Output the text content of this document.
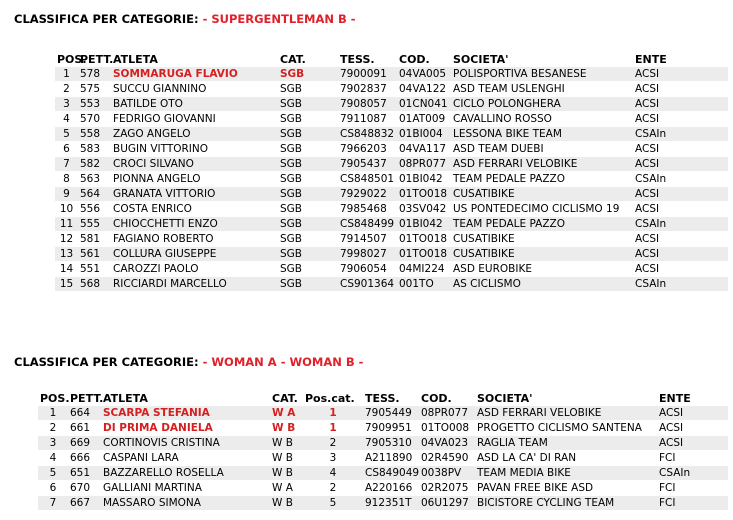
CLASSIFICA PER CATEGORIE: - SUPERGENTLEMAN B -
POS.	PETT.	ATLETA	CAT.	TESS.	COD.	SOCIETA'	ENTE
1	578	SOMMARUGA FLAVIO	SGB	7900091	04VA005	POLISPORTIVA BESANESE	ACSI
2	575	SUCCU GIANNINO	SGB	7902837	04VA122	ASD TEAM USLENGHI	ACSI
3	553	BATILDE OTO	SGB	7908057	01CN041	CICLO POLONGHERA	ACSI
4	570	FEDRIGO GIOVANNI	SGB	7911087	01AT009	CAVALLINO ROSSO	ACSI
5	558	ZAGO ANGELO	SGB	CS848832	01BI004	LESSONA BIKE TEAM	CSAIn
6	583	BUGIN VITTORINO	SGB	7966203	04VA117	ASD TEAM DUEBI	ACSI
7	582	CROCI SILVANO	SGB	7905437	08PR077	ASD FERRARI VELOBIKE	ACSI
8	563	PIONNA ANGELO	SGB	CS848501	01BI042	TEAM PEDALE PAZZO	CSAIn
9	564	GRANATA VITTORIO	SGB	7929022	01TO018	CUSATIBIKE	ACSI
10	556	COSTA ENRICO	SGB	7985468	03SV042	US PONTEDECIMO CICLISMO 19	ACSI
11	555	CHIOCCHETTI ENZO	SGB	CS848499	01BI042	TEAM PEDALE PAZZO	CSAIn
12	581	FAGIANO ROBERTO	SGB	7914507	01TO018	CUSATIBIKE	ACSI
13	561	COLLURA GIUSEPPE	SGB	7998027	01TO018	CUSATIBIKE	ACSI
14	551	CAROZZI PAOLO	SGB	7906054	04MI224	ASD EUROBIKE	ACSI
15	568	RICCIARDI MARCELLO	SGB	CS901364	001TO	AS CICLISMO	CSAIn
CLASSIFICA PER CATEGORIE: - WOMAN A - WOMAN B -
POS.	PETT.	ATLETA	CAT.	Pos.cat.	TESS.	COD.	SOCIETA'	ENTE
1	664	SCARPA STEFANIA	W A	1	7905449	08PR077	ASD FERRARI VELOBIKE	ACSI
2	661	DI PRIMA DANIELA	W B	1	7909951	01TO008	PROGETTO CICLISMO SANTENA	ACSI
3	669	CORTINOVIS CRISTINA	W B	2	7905310	04VA023	RAGLIA TEAM	ACSI
4	666	CASPANI LARA	W B	3	A211890	02R4590	ASD LA CA' DI RAN	FCI
5	651	BAZZARELLO ROSELLA	W B	4	CS849049	0038PV	TEAM MEDIA BIKE	CSAIn
6	670	GALLIANI MARTINA	W A	2	A220166	02R2075	PAVAN FREE BIKE ASD	FCI
7	667	MASSARO SIMONA	W B	5	912351T	06U1297	BICISTORE CYCLING TEAM	FCI
